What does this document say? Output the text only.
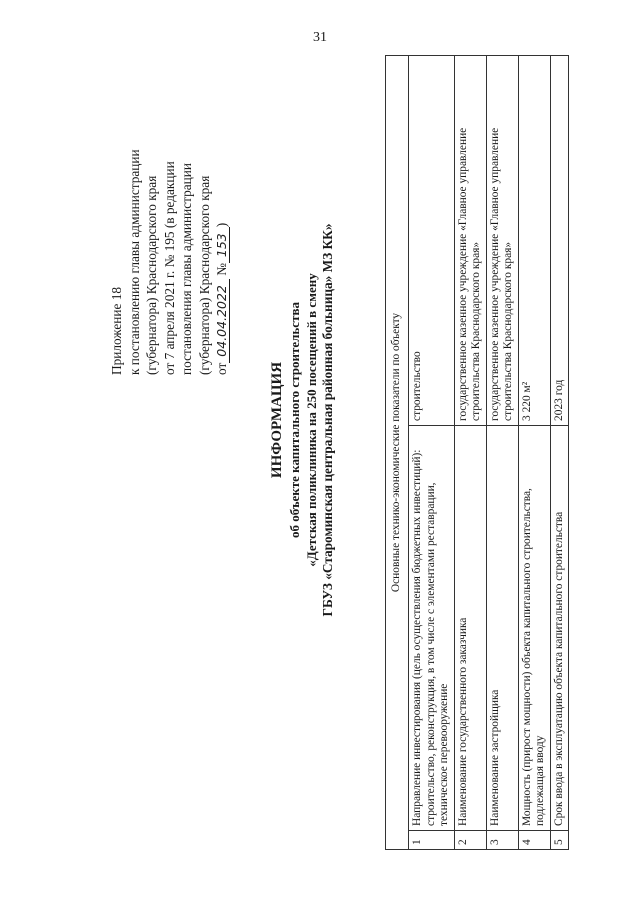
31
Приложение 18 к постановлению главы администрации (губернатора) Краснодарского края от 7 апреля 2021 г. № 195 (в редакции постановления главы администрации (губернатора) Краснодарского края от04.04.2022 №153)
ИНФОРМАЦИЯ об объекте капитального строительства «Детская поликлиника на 250 посещений в смену ГБУЗ «Староминская центральная районная больница» МЗ КК»	Основные технико-экономические показатели по объекту		
1	Направление инвестирования (цель осуществления бюджетных инвестиций): строительство, реконструкция, в том числе с элементами реставрации, техническое перевооружение	строительство
2	Наименование государственного заказчика	государственное казенное учреждение «Главное управление строительства Краснодарского края»
3	Наименование застройщика	государственное казенное учреждение «Главное управление строительства Краснодарского края»
4	Мощность (прирост мощности) объекта капитального строительства, подлежащая вводу	3 220 м²
5	Срок ввода в эксплуатацию объекта капитального строительства	2023 год
